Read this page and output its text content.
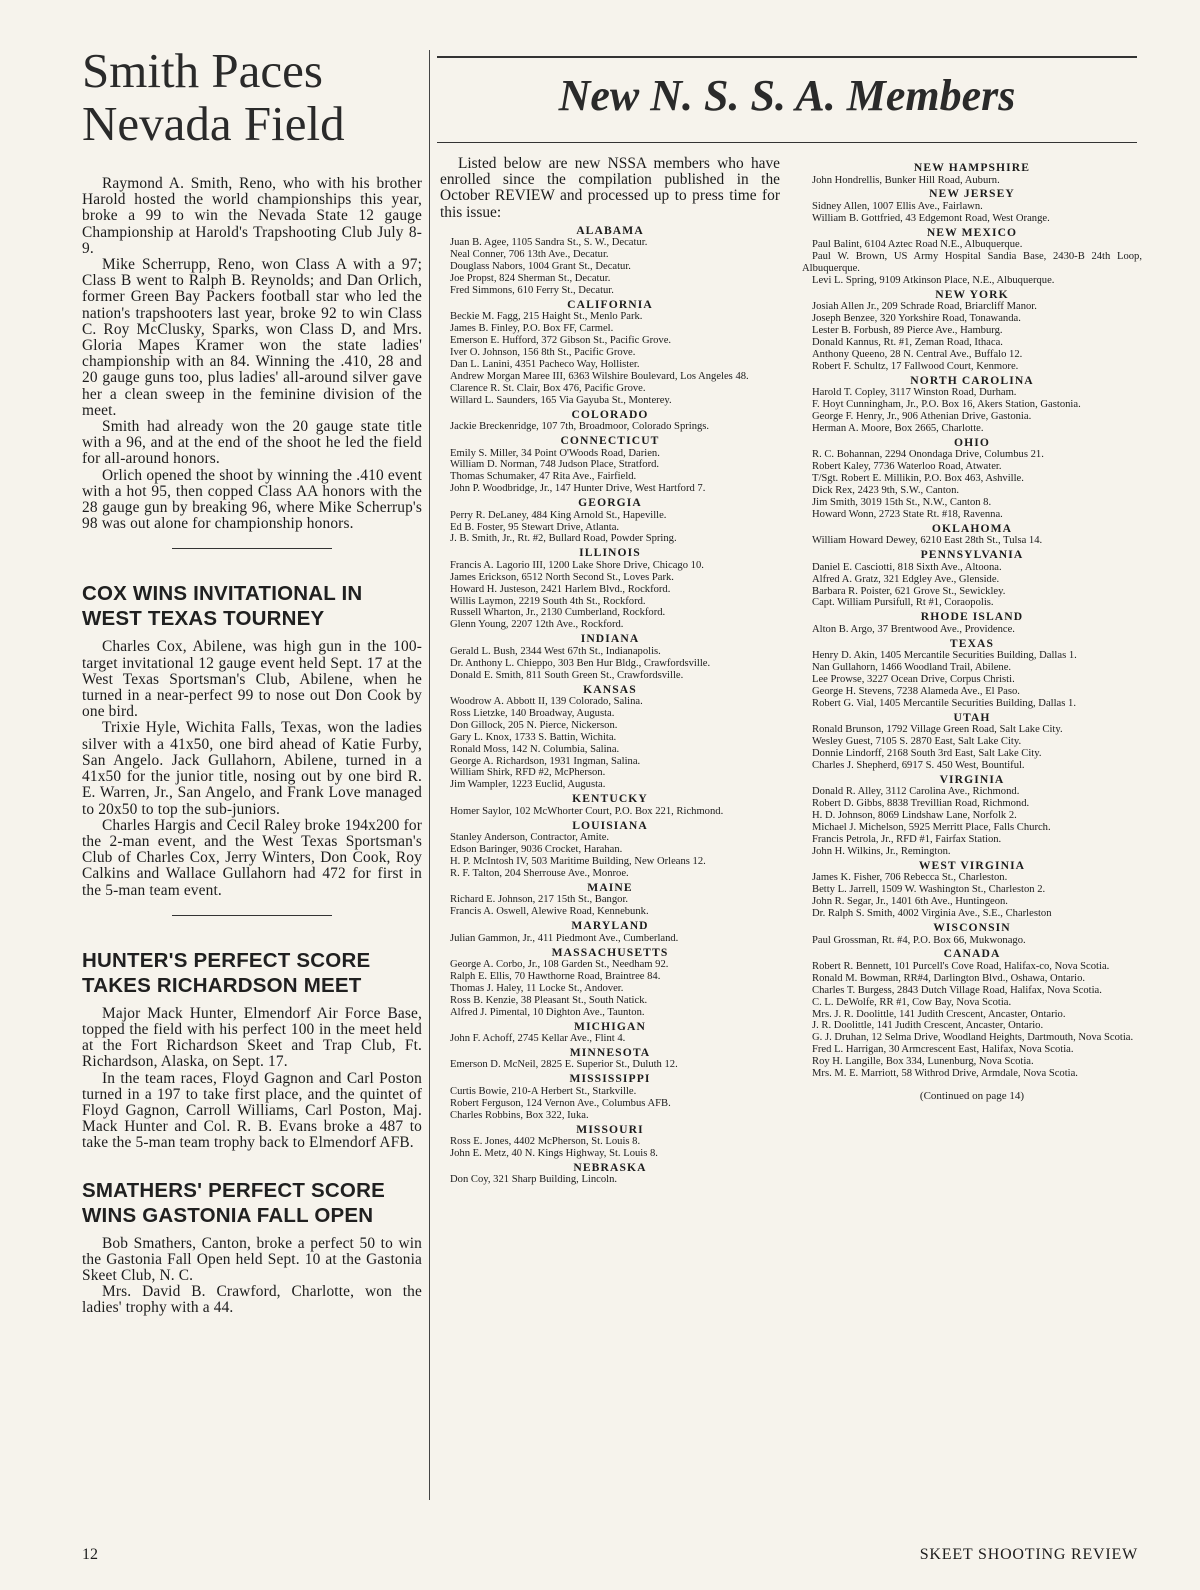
Smith Paces Nevada Field

Raymond A. Smith, Reno, who with his brother Harold hosted the world championships this year, broke a 99 to win the Nevada State 12 gauge Championship at Harold's Trapshooting Club July 8-9.

Mike Scherrupp, Reno, won Class A with a 97; Class B went to Ralph B. Reynolds; and Dan Orlich, former Green Bay Packers football star who led the nation's trapshooters last year, broke 92 to win Class C. Roy McClusky, Sparks, won Class D, and Mrs. Gloria Mapes Kramer won the state ladies' championship with an 84. Winning the .410, 28 and 20 gauge guns too, plus ladies' all-around silver gave her a clean sweep in the feminine division of the meet.

Smith had already won the 20 gauge state title with a 96, and at the end of the shoot he led the field for all-around honors.

Orlich opened the shoot by winning the .410 event with a hot 95, then copped Class AA honors with the 28 gauge gun by breaking 96, where Mike Scherrup's 98 was out alone for championship honors.

COX WINS INVITATIONAL IN WEST TEXAS TOURNEY

Charles Cox, Abilene, was high gun in the 100-target invitational 12 gauge event held Sept. 17 at the West Texas Sportsman's Club, Abilene, when he turned in a near-perfect 99 to nose out Don Cook by one bird.

Trixie Hyle, Wichita Falls, Texas, won the ladies silver with a 41x50, one bird ahead of Katie Furby, San Angelo. Jack Gullahorn, Abilene, turned in a 41x50 for the junior title, nosing out by one bird R. E. Warren, Jr., San Angelo, and Frank Love managed to 20x50 to top the sub-juniors.

Charles Hargis and Cecil Raley broke 194x200 for the 2-man event, and the West Texas Sportsman's Club of Charles Cox, Jerry Winters, Don Cook, Roy Calkins and Wallace Gullahorn had 472 for first in the 5-man team event.

HUNTER'S PERFECT SCORE TAKES RICHARDSON MEET

Major Mack Hunter, Elmendorf Air Force Base, topped the field with his perfect 100 in the meet held at the Fort Richardson Skeet and Trap Club, Ft. Richardson, Alaska, on Sept. 17.

In the team races, Floyd Gagnon and Carl Poston turned in a 197 to take first place, and the quintet of Floyd Gagnon, Carroll Williams, Carl Poston, Maj. Mack Hunter and Col. R. B. Evans broke a 487 to take the 5-man team trophy back to Elmendorf AFB.

SMATHERS' PERFECT SCORE WINS GASTONIA FALL OPEN

Bob Smathers, Canton, broke a perfect 50 to win the Gastonia Fall Open held Sept. 10 at the Gastonia Skeet Club, N. C.

Mrs. David B. Crawford, Charlotte, won the ladies' trophy with a 44.

New N. S. S. A. Members

Listed below are new NSSA members who have enrolled since the compilation published in the October REVIEW and processed up to press time for this issue:

ALABAMA

Juan B. Agee, 1105 Sandra St., S. W., Decatur.

Neal Conner, 706 13th Ave., Decatur.

Douglass Nabors, 1004 Grant St., Decatur.

Joe Propst, 824 Sherman St., Decatur.

Fred Simmons, 610 Ferry St., Decatur.

CALIFORNIA

Beckie M. Fagg, 215 Haight St., Menlo Park.

James B. Finley, P.O. Box FF, Carmel.

Emerson E. Hufford, 372 Gibson St., Pacific Grove.

Iver O. Johnson, 156 8th St., Pacific Grove.

Dan L. Lanini, 4351 Pacheco Way, Hollister.

Andrew Morgan Maree III, 6363 Wilshire Boulevard, Los Angeles 48.

Clarence R. St. Clair, Box 476, Pacific Grove.

Willard L. Saunders, 165 Via Gayuba St., Monterey.

COLORADO

Jackie Breckenridge, 107 7th, Broadmoor, Colorado Springs.

CONNECTICUT

Emily S. Miller, 34 Point O'Woods Road, Darien.

William D. Norman, 748 Judson Place, Stratford.

Thomas Schumaker, 47 Rita Ave., Fairfield.

John P. Woodbridge, Jr., 147 Hunter Drive, West Hartford 7.

GEORGIA

Perry R. DeLaney, 484 King Arnold St., Hapeville.

Ed B. Foster, 95 Stewart Drive, Atlanta.

J. B. Smith, Jr., Rt. #2, Bullard Road, Powder Spring.

ILLINOIS

Francis A. Lagorio III, 1200 Lake Shore Drive, Chicago 10.

James Erickson, 6512 North Second St., Loves Park.

Howard H. Justeson, 2421 Harlem Blvd., Rockford.

Willis Laymon, 2219 South 4th St., Rockford.

Russell Wharton, Jr., 2130 Cumberland, Rockford.

Glenn Young, 2207 12th Ave., Rockford.

INDIANA

Gerald L. Bush, 2344 West 67th St., Indianapolis.

Dr. Anthony L. Chieppo, 303 Ben Hur Bldg., Crawfordsville.

Donald E. Smith, 811 South Green St., Crawfordsville.

KANSAS

Woodrow A. Abbott II, 139 Colorado, Salina.

Ross Lietzke, 140 Broadway, Augusta.

Don Gillock, 205 N. Pierce, Nickerson.

Gary L. Knox, 1733 S. Battin, Wichita.

Ronald Moss, 142 N. Columbia, Salina.

George A. Richardson, 1931 Ingman, Salina.

William Shirk, RFD #2, McPherson.

Jim Wampler, 1223 Euclid, Augusta.

KENTUCKY

Homer Saylor, 102 McWhorter Court, P.O. Box 221, Richmond.

LOUISIANA

Stanley Anderson, Contractor, Amite.

Edson Baringer, 9036 Crocket, Harahan.

H. P. McIntosh IV, 503 Maritime Building, New Orleans 12.

R. F. Talton, 204 Sherrouse Ave., Monroe.

MAINE

Richard E. Johnson, 217 15th St., Bangor.

Francis A. Oswell, Alewive Road, Kennebunk.

MARYLAND

Julian Gammon, Jr., 411 Piedmont Ave., Cumberland.

MASSACHUSETTS

George A. Corbo, Jr., 108 Garden St., Needham 92.

Ralph E. Ellis, 70 Hawthorne Road, Braintree 84.

Thomas J. Haley, 11 Locke St., Andover.

Ross B. Kenzie, 38 Pleasant St., South Natick.

Alfred J. Pimental, 10 Dighton Ave., Taunton.

MICHIGAN

John F. Achoff, 2745 Kellar Ave., Flint 4.

MINNESOTA

Emerson D. McNeil, 2825 E. Superior St., Duluth 12.

MISSISSIPPI

Curtis Bowie, 210-A Herbert St., Starkville.

Robert Ferguson, 124 Vernon Ave., Columbus AFB.

Charles Robbins, Box 322, Iuka.

MISSOURI

Ross E. Jones, 4402 McPherson, St. Louis 8.

John E. Metz, 40 N. Kings Highway, St. Louis 8.

NEBRASKA

Don Coy, 321 Sharp Building, Lincoln.

NEW HAMPSHIRE

John Hondrellis, Bunker Hill Road, Auburn.

NEW JERSEY

Sidney Allen, 1007 Ellis Ave., Fairlawn.

William B. Gottfried, 43 Edgemont Road, West Orange.

NEW MEXICO

Paul Balint, 6104 Aztec Road N.E., Albuquerque.

Paul W. Brown, US Army Hospital Sandia Base, 2430-B 24th Loop, Albuquerque.

Levi L. Spring, 9109 Atkinson Place, N.E., Albuquerque.

NEW YORK

Josiah Allen Jr., 209 Schrade Road, Briarcliff Manor.

Joseph Benzee, 320 Yorkshire Road, Tonawanda.

Lester B. Forbush, 89 Pierce Ave., Hamburg.

Donald Kannus, Rt. #1, Zeman Road, Ithaca.

Anthony Queeno, 28 N. Central Ave., Buffalo 12.

Robert F. Schultz, 17 Fallwood Court, Kenmore.

NORTH CAROLINA

Harold T. Copley, 3117 Winston Road, Durham.

F. Hoyt Cunningham, Jr., P.O. Box 16, Akers Station, Gastonia.

George F. Henry, Jr., 906 Athenian Drive, Gastonia.

Herman A. Moore, Box 2665, Charlotte.

OHIO

R. C. Bohannan, 2294 Onondaga Drive, Columbus 21.

Robert Kaley, 7736 Waterloo Road, Atwater.

T/Sgt. Robert E. Millikin, P.O. Box 463, Ashville.

Dick Rex, 2423 9th, S.W., Canton.

Jim Smith, 3019 15th St., N.W., Canton 8.

Howard Wonn, 2723 State Rt. #18, Ravenna.

OKLAHOMA

William Howard Dewey, 6210 East 28th St., Tulsa 14.

PENNSYLVANIA

Daniel E. Casciotti, 818 Sixth Ave., Altoona.

Alfred A. Gratz, 321 Edgley Ave., Glenside.

Barbara R. Poister, 621 Grove St., Sewickley.

Capt. William Pursifull, Rt #1, Coraopolis.

RHODE ISLAND

Alton B. Argo, 37 Brentwood Ave., Providence.

TEXAS

Henry D. Akin, 1405 Mercantile Securities Building, Dallas 1.

Nan Gullahorn, 1466 Woodland Trail, Abilene.

Lee Prowse, 3227 Ocean Drive, Corpus Christi.

George H. Stevens, 7238 Alameda Ave., El Paso.

Robert G. Vial, 1405 Mercantile Securities Building, Dallas 1.

UTAH

Ronald Brunson, 1792 Village Green Road, Salt Lake City.

Wesley Guest, 7105 S. 2870 East, Salt Lake City.

Donnie Lindorff, 2168 South 3rd East, Salt Lake City.

Charles J. Shepherd, 6917 S. 450 West, Bountiful.

VIRGINIA

Donald R. Alley, 3112 Carolina Ave., Richmond.

Robert D. Gibbs, 8838 Trevillian Road, Richmond.

H. D. Johnson, 8069 Lindshaw Lane, Norfolk 2.

Michael J. Michelson, 5925 Merritt Place, Falls Church.

Francis Petrola, Jr., RFD #1, Fairfax Station.

John H. Wilkins, Jr., Remington.

WEST VIRGINIA

James K. Fisher, 706 Rebecca St., Charleston.

Betty L. Jarrell, 1509 W. Washington St., Charleston 2.

John R. Segar, Jr., 1401 6th Ave., Huntingeon.

Dr. Ralph S. Smith, 4002 Virginia Ave., S.E., Charleston

WISCONSIN

Paul Grossman, Rt. #4, P.O. Box 66, Mukwonago.

CANADA

Robert R. Bennett, 101 Purcell's Cove Road, Halifax-co, Nova Scotia.

Ronald M. Bowman, RR#4, Darlington Blvd., Oshawa, Ontario.

Charles T. Burgess, 2843 Dutch Village Road, Halifax, Nova Scotia.

C. L. DeWolfe, RR #1, Cow Bay, Nova Scotia.

Mrs. J. R. Doolittle, 141 Judith Crescent, Ancaster, Ontario.

J. R. Doolittle, 141 Judith Crescent, Ancaster, Ontario.

G. J. Druhan, 12 Selma Drive, Woodland Heights, Dartmouth, Nova Scotia.

Fred L. Harrigan, 30 Armcrescent East, Halifax, Nova Scotia.

Roy H. Langille, Box 334, Lunenburg, Nova Scotia.

Mrs. M. E. Marriott, 58 Withrod Drive, Armdale, Nova Scotia.

(Continued on page 14)
12	SKEET SHOOTING REVIEW
